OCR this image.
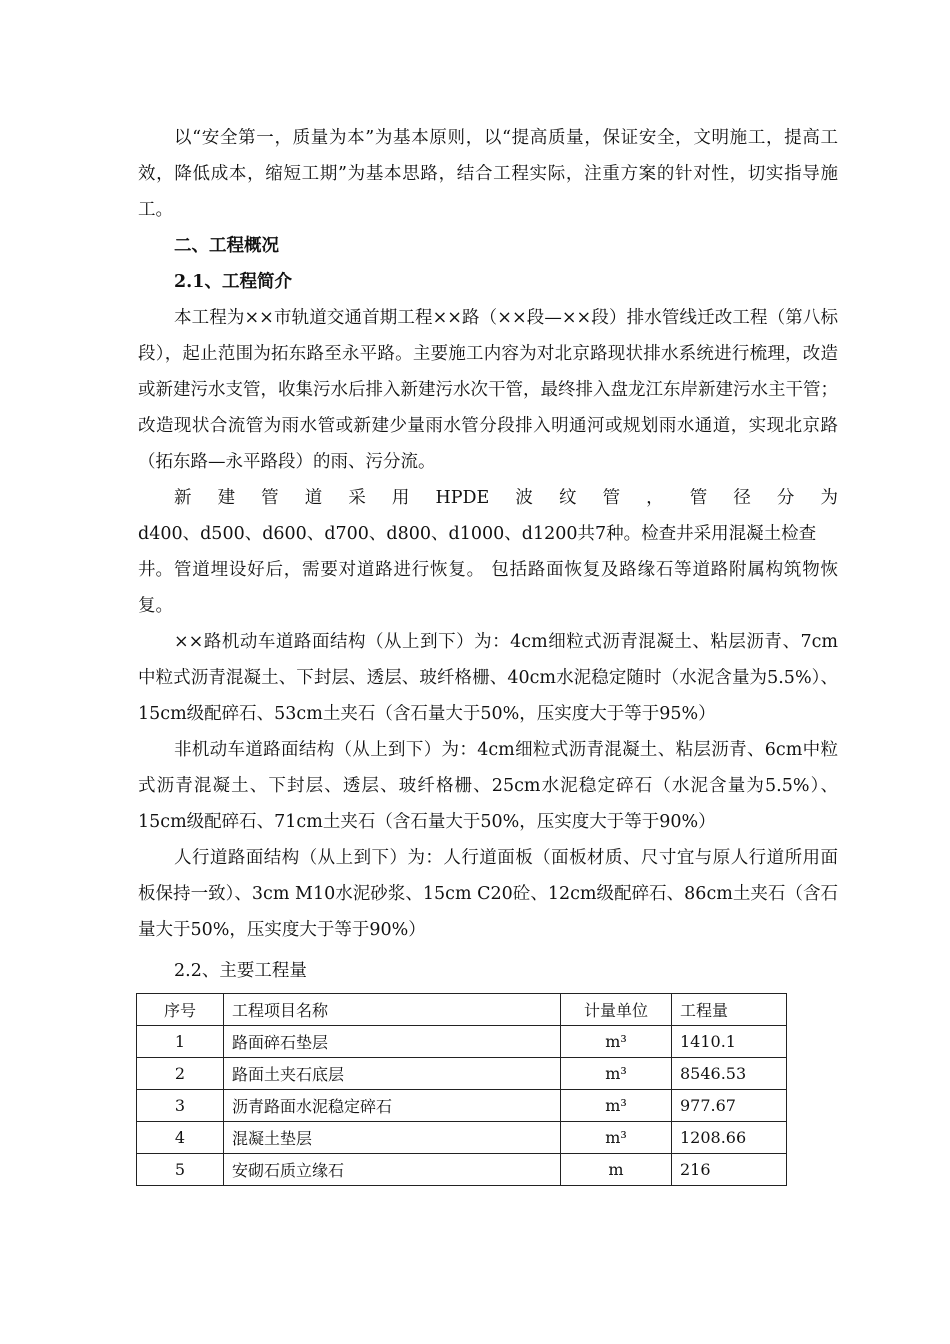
以“安全第一，质量为本”为基本原则，以“提高质量，保证安全，文明施工，提高工效，降低成本，缩短工期”为基本思路，结合工程实际，注重方案的针对性，切实指导施工。

二、工程概况

2.1、工程简介

本工程为××市轨道交通首期工程××路（××段—××段）排水管线迁改工程（第八标段），起止范围为拓东路至永平路。主要施工内容为对北京路现状排水系统进行梳理，改造或新建污水支管，收集污水后排入新建污水次干管，最终排入盘龙江东岸新建污水主干管；改造现状合流管为雨水管或新建少量雨水管分段排入明通河或规划雨水通道，实现北京路（拓东路—永平路段）的雨、污分流。

新建管道采用HPDE波纹管，管径分为

d400、d500、d600、d700、d800、d1000、d1200共7种。检查井采用混凝土检查井。 管道埋设好后，需要对道路进行恢复。 包括路面恢复及路缘石等道路附属构筑物恢复。

××路机动车道路面结构（从上到下）为：4cm细粒式沥青混凝土、粘层沥青、7cm中粒式沥青混凝土、下封层、透层、玻纤格栅、40cm水泥稳定随时（水泥含量为5.5%）、15cm级配碎石、53cm土夹石（含石量大于50%，压实度大于等于95%）

非机动车道路面结构（从上到下）为：4cm细粒式沥青混凝土、粘层沥青、6cm中粒式沥青混凝土、下封层、透层、玻纤格栅、25cm水泥稳定碎石（水泥含量为5.5%）、15cm级配碎石、71cm土夹石（含石量大于50%，压实度大于等于90%）

人行道路面结构（从上到下）为：人行道面板（面板材质、尺寸宜与原人行道所用面板保持一致）、3cm M10水泥砂浆、15cm C20砼、12cm级配碎石、86cm土夹石（含石量大于50%，压实度大于等于90%）

2.2、主要工程量

序号	工程项目名称	计量单位	工程量
1	路面碎石垫层	m³	1410.1
2	路面土夹石底层	m³	8546.53
3	沥青路面水泥稳定碎石	m³	977.67
4	混凝土垫层	m³	1208.66
5	安砌石质立缘石	m	216
